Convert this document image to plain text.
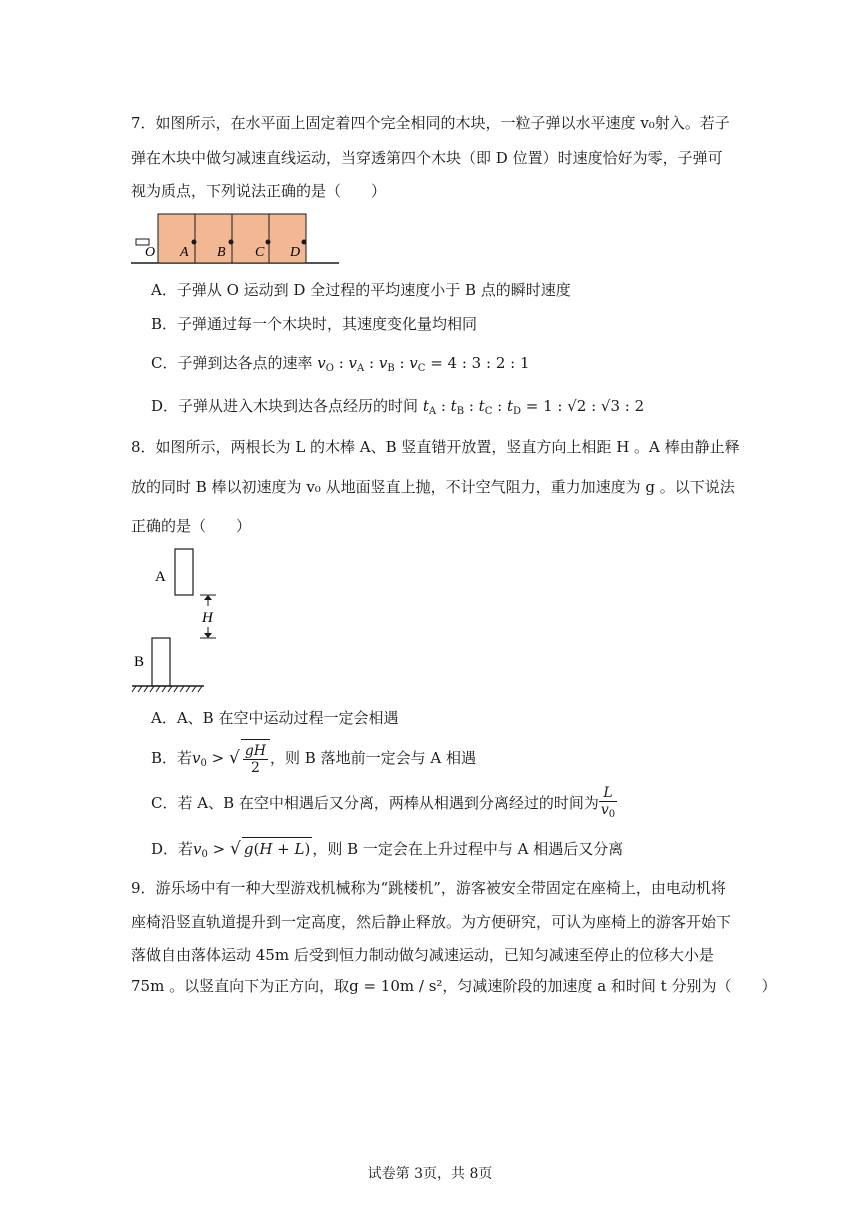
7．如图所示，在水平面上固定着四个完全相同的木块，一粒子弹以水平速度 v₀射入。若子
弹在木块中做匀减速直线运动，当穿透第四个木块（即 D 位置）时速度恰好为零，子弹可
视为质点，下列说法正确的是（　　）
O A B C D
A．子弹从 O 运动到 D 全过程的平均速度小于 B 点的瞬时速度
B．子弹通过每一个木块时，其速度变化量均相同
C．子弹到达各点的速率 $v_O$ : $v_A$ : $v_B$ : $v_C = 4$ : 3 : 2 : 1
D．子弹从进入木块到达各点经历的时间 $t_A$ : $t_B$ : $t_C$ : $t_D = 1$ : √2 : √3 : 2
8．如图所示，两根长为 L 的木棒 A、B 竖直错开放置，竖直方向上相距 H 。A 棒由静止释
放的同时 B 棒以初速度为 v₀ 从地面竖直上抛，不计空气阻力，重力加速度为 g 。以下说法
正确的是（　　）
H
A
B
A．A、B 在空中运动过程一定会相遇
B．若$v_0$ > √ $\frac{gH}{2}$ ，则 B 落地前一定会与 A 相遇
C．若 A、B 在空中相遇后又分离，两棒从相遇到分离经过的时间为 $\frac{L}{v_0}$
D．若$v_0$ > √ g(H + L) ，则 B 一定会在上升过程中与 A 相遇后又分离
9．游乐场中有一种大型游戏机械称为“跳楼机”，游客被安全带固定在座椅上，由电动机将
座椅沿竖直轨道提升到一定高度，然后静止释放。为方便研究，可认为座椅上的游客开始下
落做自由落体运动 45m 后受到恒力制动做匀减速运动，已知匀减速至停止的位移大小是
75m 。以竖直向下为正方向，取g = 10m / s²，匀减速阶段的加速度 a 和时间 t 分别为（　　）
试卷第 3页，共 8页
